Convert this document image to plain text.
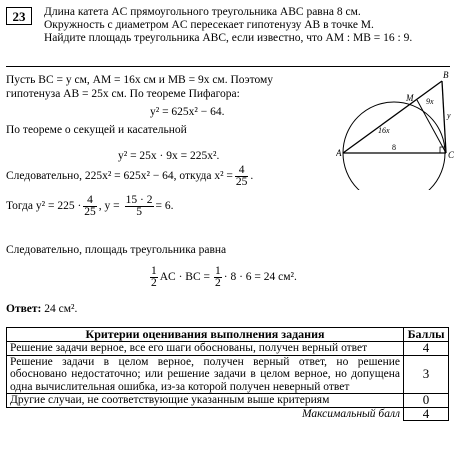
23	Длина катета AC прямоугольного треугольника ABC равна 8 см.
Окружность с диаметром AC пересекает гипотенузу AB в точке M.
Найдите площадь треугольника ABC, если известно, что AM : MB = 16 : 9.
Пусть BC = y см, AM = 16x см и MB = 9x см. Поэтому
гипотенуза AB = 25x см. По теореме Пифагора:
y² = 625x² − 64.
По теореме о секущей и касательной
y² = 25x · 9x = 225x².
Следовательно, 225x² = 625x² − 64, откуда $x^2 = \frac{4}{25}$ .
Тогда $y^2 = 225 \cdot \frac{4}{25}$ , $y = \frac{15 \cdot 2}{5} = 6$.
Следовательно, площадь треугольника равна
$\frac{1}{2}$ AC · BC = $\frac{1}{2} \cdot 8 \cdot 6 = 24$ см².
Ответ: 24 см².
A
B
C
M
16x
9x
y
8
Критерии оценивания выполнения задания	Баллы
Решение задачи верное, все его шаги обоснованы, получен верный ответ	4
Решение задачи в целом верное, получен верный ответ, но решение обосновано недостаточно; или решение задачи в целом верное, но допущена одна вычислительная ошибка, из-за которой получен неверный ответ	3
Другие случаи, не соответствующие указанным выше критериям	0
Максимальный балл	4
